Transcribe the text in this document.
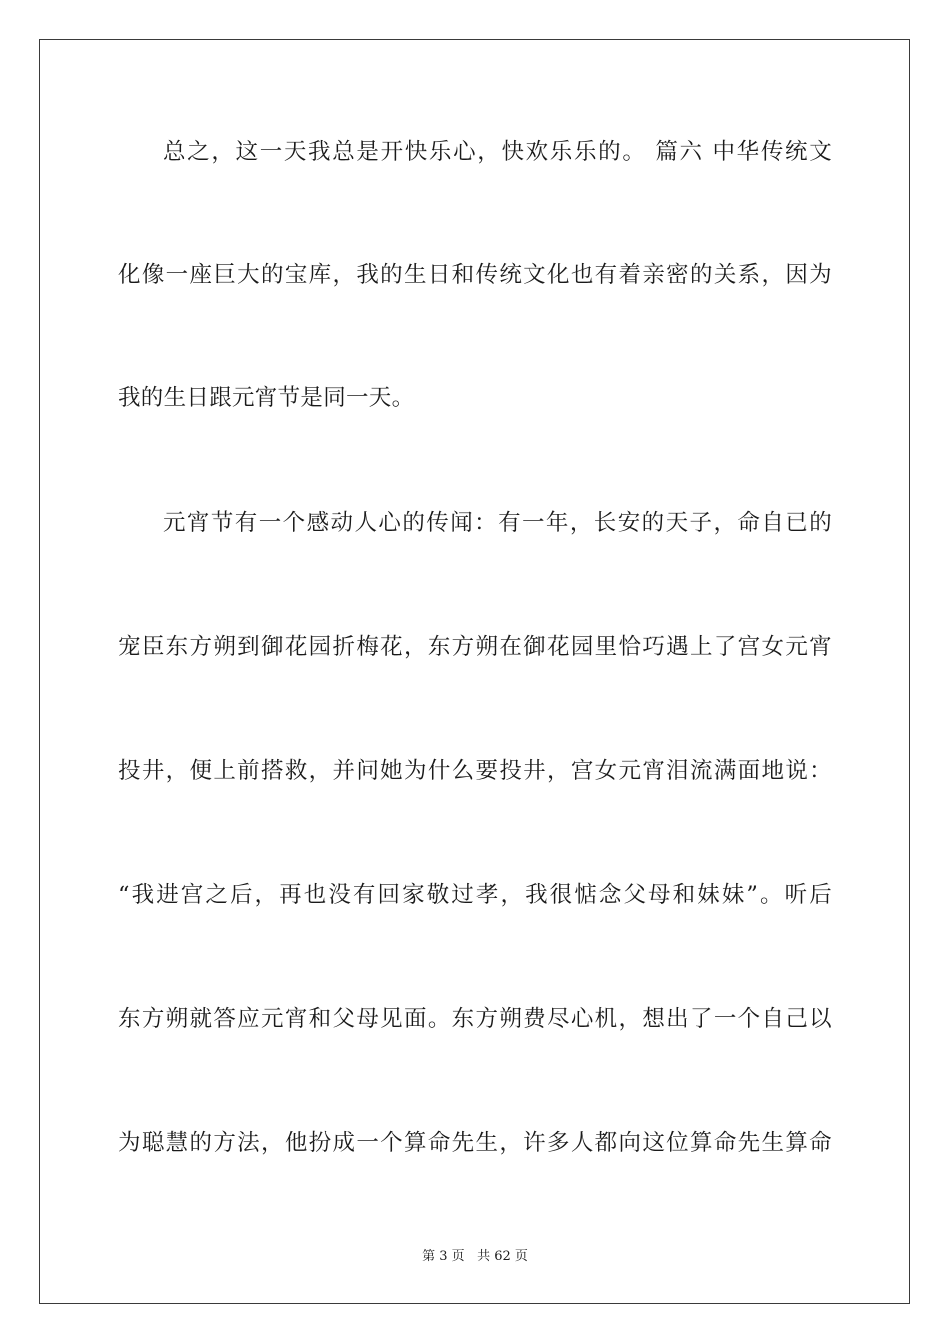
总之，这一天我总是开快乐心，快欢乐乐的。 篇六 中华传统文
化像一座巨大的宝库，我的生日和传统文化也有着亲密的关系，因为
我的生日跟元宵节是同一天。
元宵节有一个感动人心的传闻：有一年，长安的天子，命自已的
宠臣东方朔到御花园折梅花，东方朔在御花园里恰巧遇上了宫女元宵
投井，便上前搭救，并问她为什么要投井，宫女元宵泪流满面地说：
“我进宫之后，再也没有回家敬过孝，我很惦念父母和妹妹”。听后
东方朔就答应元宵和父母见面。东方朔费尽心机，想出了一个自己以
为聪慧的方法，他扮成一个算命先生，许多人都向这位算命先生算命
第 3 页 共 62 页
